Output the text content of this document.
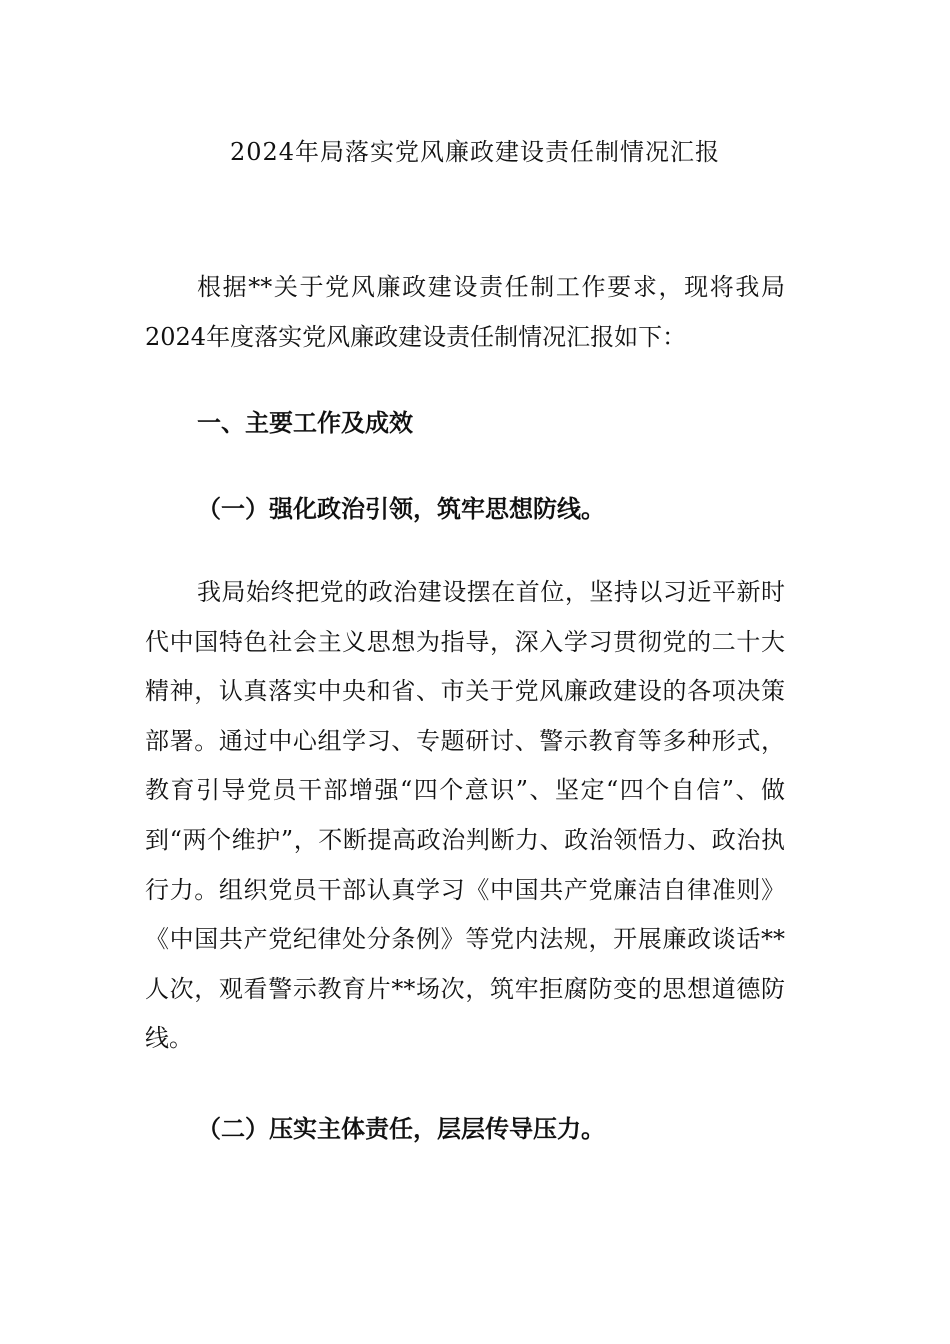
2024年局落实党风廉政建设责任制情况汇报

根据**关于党风廉政建设责任制工作要求，现将我局2024年度落实党风廉政建设责任制情况汇报如下：

一、主要工作及成效
（一）强化政治引领，筑牢思想防线。

我局始终把党的政治建设摆在首位，坚持以习近平新时代中国特色社会主义思想为指导，深入学习贯彻党的二十大精神，认真落实中央和省、市关于党风廉政建设的各项决策部署。通过中心组学习、专题研讨、警示教育等多种形式，教育引导党员干部增强“四个意识”、坚定“四个自信”、做到“两个维护”，不断提高政治判断力、政治领悟力、政治执行力。组织党员干部认真学习《中国共产党廉洁自律准则》《中国共产党纪律处分条例》等党内法规，开展廉政谈话**人次，观看警示教育片**场次，筑牢拒腐防变的思想道德防线。

（二）压实主体责任，层层传导压力。
